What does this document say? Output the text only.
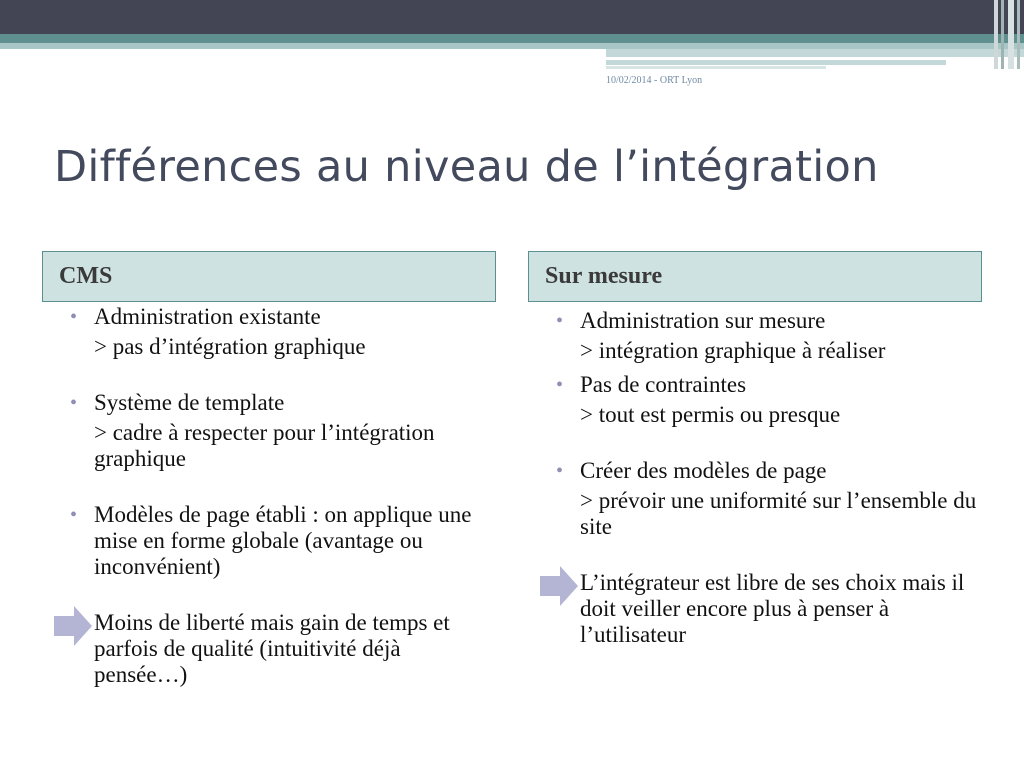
10/02/2014 - ORT Lyon
Différences au niveau de l’intégration
CMS
• Administration existante
> pas d’intégration graphique
• Système de template
> cadre à respecter pour l’intégration graphique
• Modèles de page établi : on applique une mise en forme globale (avantage ou inconvénient)
Moins de liberté mais gain de temps et parfois de qualité (intuitivité déjà pensée…)
Sur mesure
• Administration sur mesure
> intégration graphique à réaliser
• Pas de contraintes
> tout est permis ou presque
• Créer des modèles de page
> prévoir une uniformité sur l’ensemble du site
L’intégrateur est libre de ses choix mais il doit veiller encore plus à penser à l’utilisateur
